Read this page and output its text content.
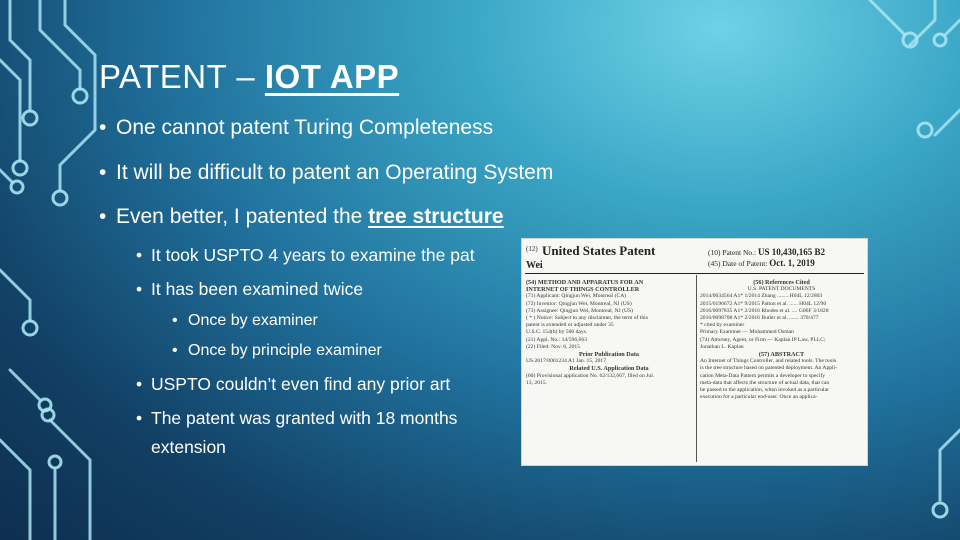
PATENT – IOT APP
• One cannot patent Turing Completeness
• It will be difficult to patent an Operating System
• Even better, I patented the tree structure
• It took USPTO 4 years to examine the pat
• It has been examined twice
• Once by examiner
• Once by principle examiner
• USPTO couldn’t even find any prior art
• The patent was granted with 18 months
extension
(12) United States Patent
Wei
(10) Patent No.: US 10,430,165 B2
(45) Date of Patent: Oct. 1, 2019
(54) METHOD AND APPARATUS FOR AN
INTERNET OF THINGS CONTROLLER
(71) Applicant: Qingjun Wei, Montreal (CA)
(72) Inventor: Qingjun Wei, Montreal, NJ (US)
(73) Assignee: Qingjun Wei, Montreal, NJ (US)
( * ) Notice: Subject to any disclaimer, the term of this
patent is extended or adjusted under 35
U.S.C. 154(b) by 506 days.
(21) Appl. No.: 14/596,663
(22) Filed: Nov. 6, 2015
Prior Publication Data
US 2017/0001234 A1 Jan. 15, 2017
Related U.S. Application Data
(60) Provisional application No. 62/132,667, filed on Jul.
13, 2015.
(56) References Cited
U.S. PATENT DOCUMENTS
2014/0034564 A1* 1/2014 Zhang ........ H04L 12/2803
2015/0196672 A1* 9/2015 Patton et al. ...... H04L 12/90
2016/0097835 A1* 2/2016 Rhodes et al. .... G06F 3/1828
2016/0098708 A1* 2/2016 Butler et al. ....... 370/477
* cited by examiner
Primary Examiner — Mohammed Osman
(74) Attorney, Agent, or Firm — Kaplan IP Law, PLLC;
Jonathan L. Kaplan
(57) ABSTRACT
An Internet of Things Controller, and related tools. The tools
is the tree structure based on patented deployment. An Appli-
cation Meta-Data Pattern permits a developer to specify
meta-data that affects the structure of actual data, that can
be passed to the application, when invoked as a particular
execution for a particular end-user. Once an applica-
